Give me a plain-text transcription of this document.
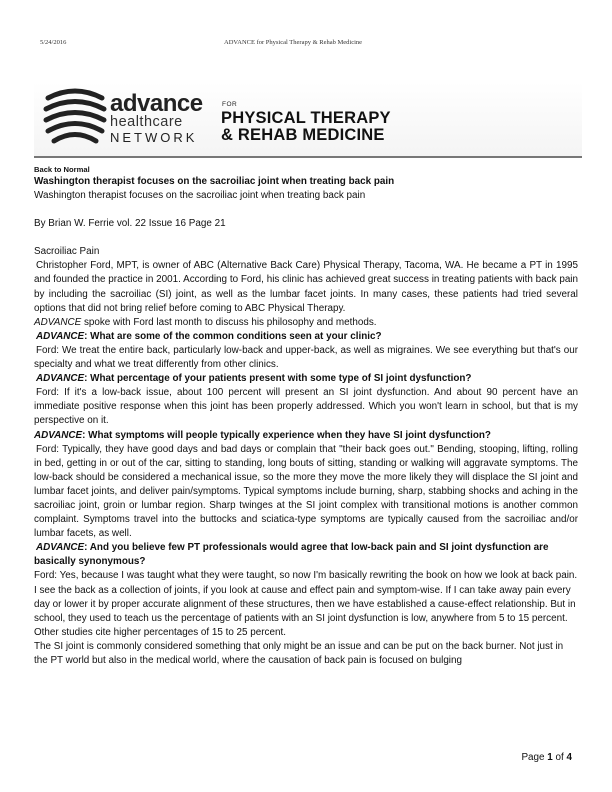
5/24/2016	ADVANCE for Physical Therapy & Rehab Medicine
advance
healthcare
NETWORK
FOR
PHYSICAL THERAPY
& REHAB MEDICINE
Back to Normal

Washington therapist focuses on the sacroiliac joint when treating back pain

Washington therapist focuses on the sacroiliac joint when treating back pain

By Brian W. Ferrie vol. 22 Issue 16 Page 21

Sacroiliac Pain

Christopher Ford, MPT, is owner of ABC (Alternative Back Care) Physical Therapy, Tacoma, WA. He became a PT in 1995 and founded the practice in 2001. According to Ford, his clinic has achieved great success in treating patients with back pain by including the sacroiliac (SI) joint, as well as the lumbar facet joints. In many cases, these patients had tried several options that did not bring relief before coming to ABC Physical Therapy.

ADVANCE spoke with Ford last month to discuss his philosophy and methods.

ADVANCE: What are some of the common conditions seen at your clinic?

Ford: We treat the entire back, particularly low-back and upper-back, as well as migraines. We see everything but that's our specialty and what we treat differently from other clinics.

ADVANCE: What percentage of your patients present with some type of SI joint dysfunction?

Ford: If it's a low-back issue, about 100 percent will present an SI joint dysfunction. And about 90 percent have an immediate positive response when this joint has been properly addressed. Which you won't learn in school, but that is my perspective on it.

ADVANCE: What symptoms will people typically experience when they have SI joint dysfunction?

Ford: Typically, they have good days and bad days or complain that "their back goes out." Bending, stooping, lifting, rolling in bed, getting in or out of the car, sitting to standing, long bouts of sitting, standing or walking will aggravate symptoms. The low-back should be considered a mechanical issue, so the more they move the more likely they will displace the SI joint and lumbar facet joints, and deliver pain/symptoms. Typical symptoms include burning, sharp, stabbing shocks and aching in the sacroiliac joint, groin or lumbar region. Sharp twinges at the SI joint complex with transitional motions is another common complaint. Symptoms travel into the buttocks and sciatica-type symptoms are typically caused from the sacroiliac and/or lumbar facets, as well.

ADVANCE: And you believe few PT professionals would agree that low-back pain and SI joint dysfunction are basically synonymous?

Ford: Yes, because I was taught what they were taught, so now I'm basically rewriting the book on how we look at back pain. I see the back as a collection of joints, if you look at cause and effect pain and symptom-wise. If I can take away pain every day or lower it by proper accurate alignment of these structures, then we have established a cause-effect relationship. But in school, they used to teach us the percentage of patients with an SI joint dysfunction is low, anywhere from 5 to 15 percent. Other studies cite higher percentages of 15 to 25 percent.

The SI joint is commonly considered something that only might be an issue and can be put on the back burner. Not just in the PT world but also in the medical world, where the causation of back pain is focused on bulging

Page 1 of 4
